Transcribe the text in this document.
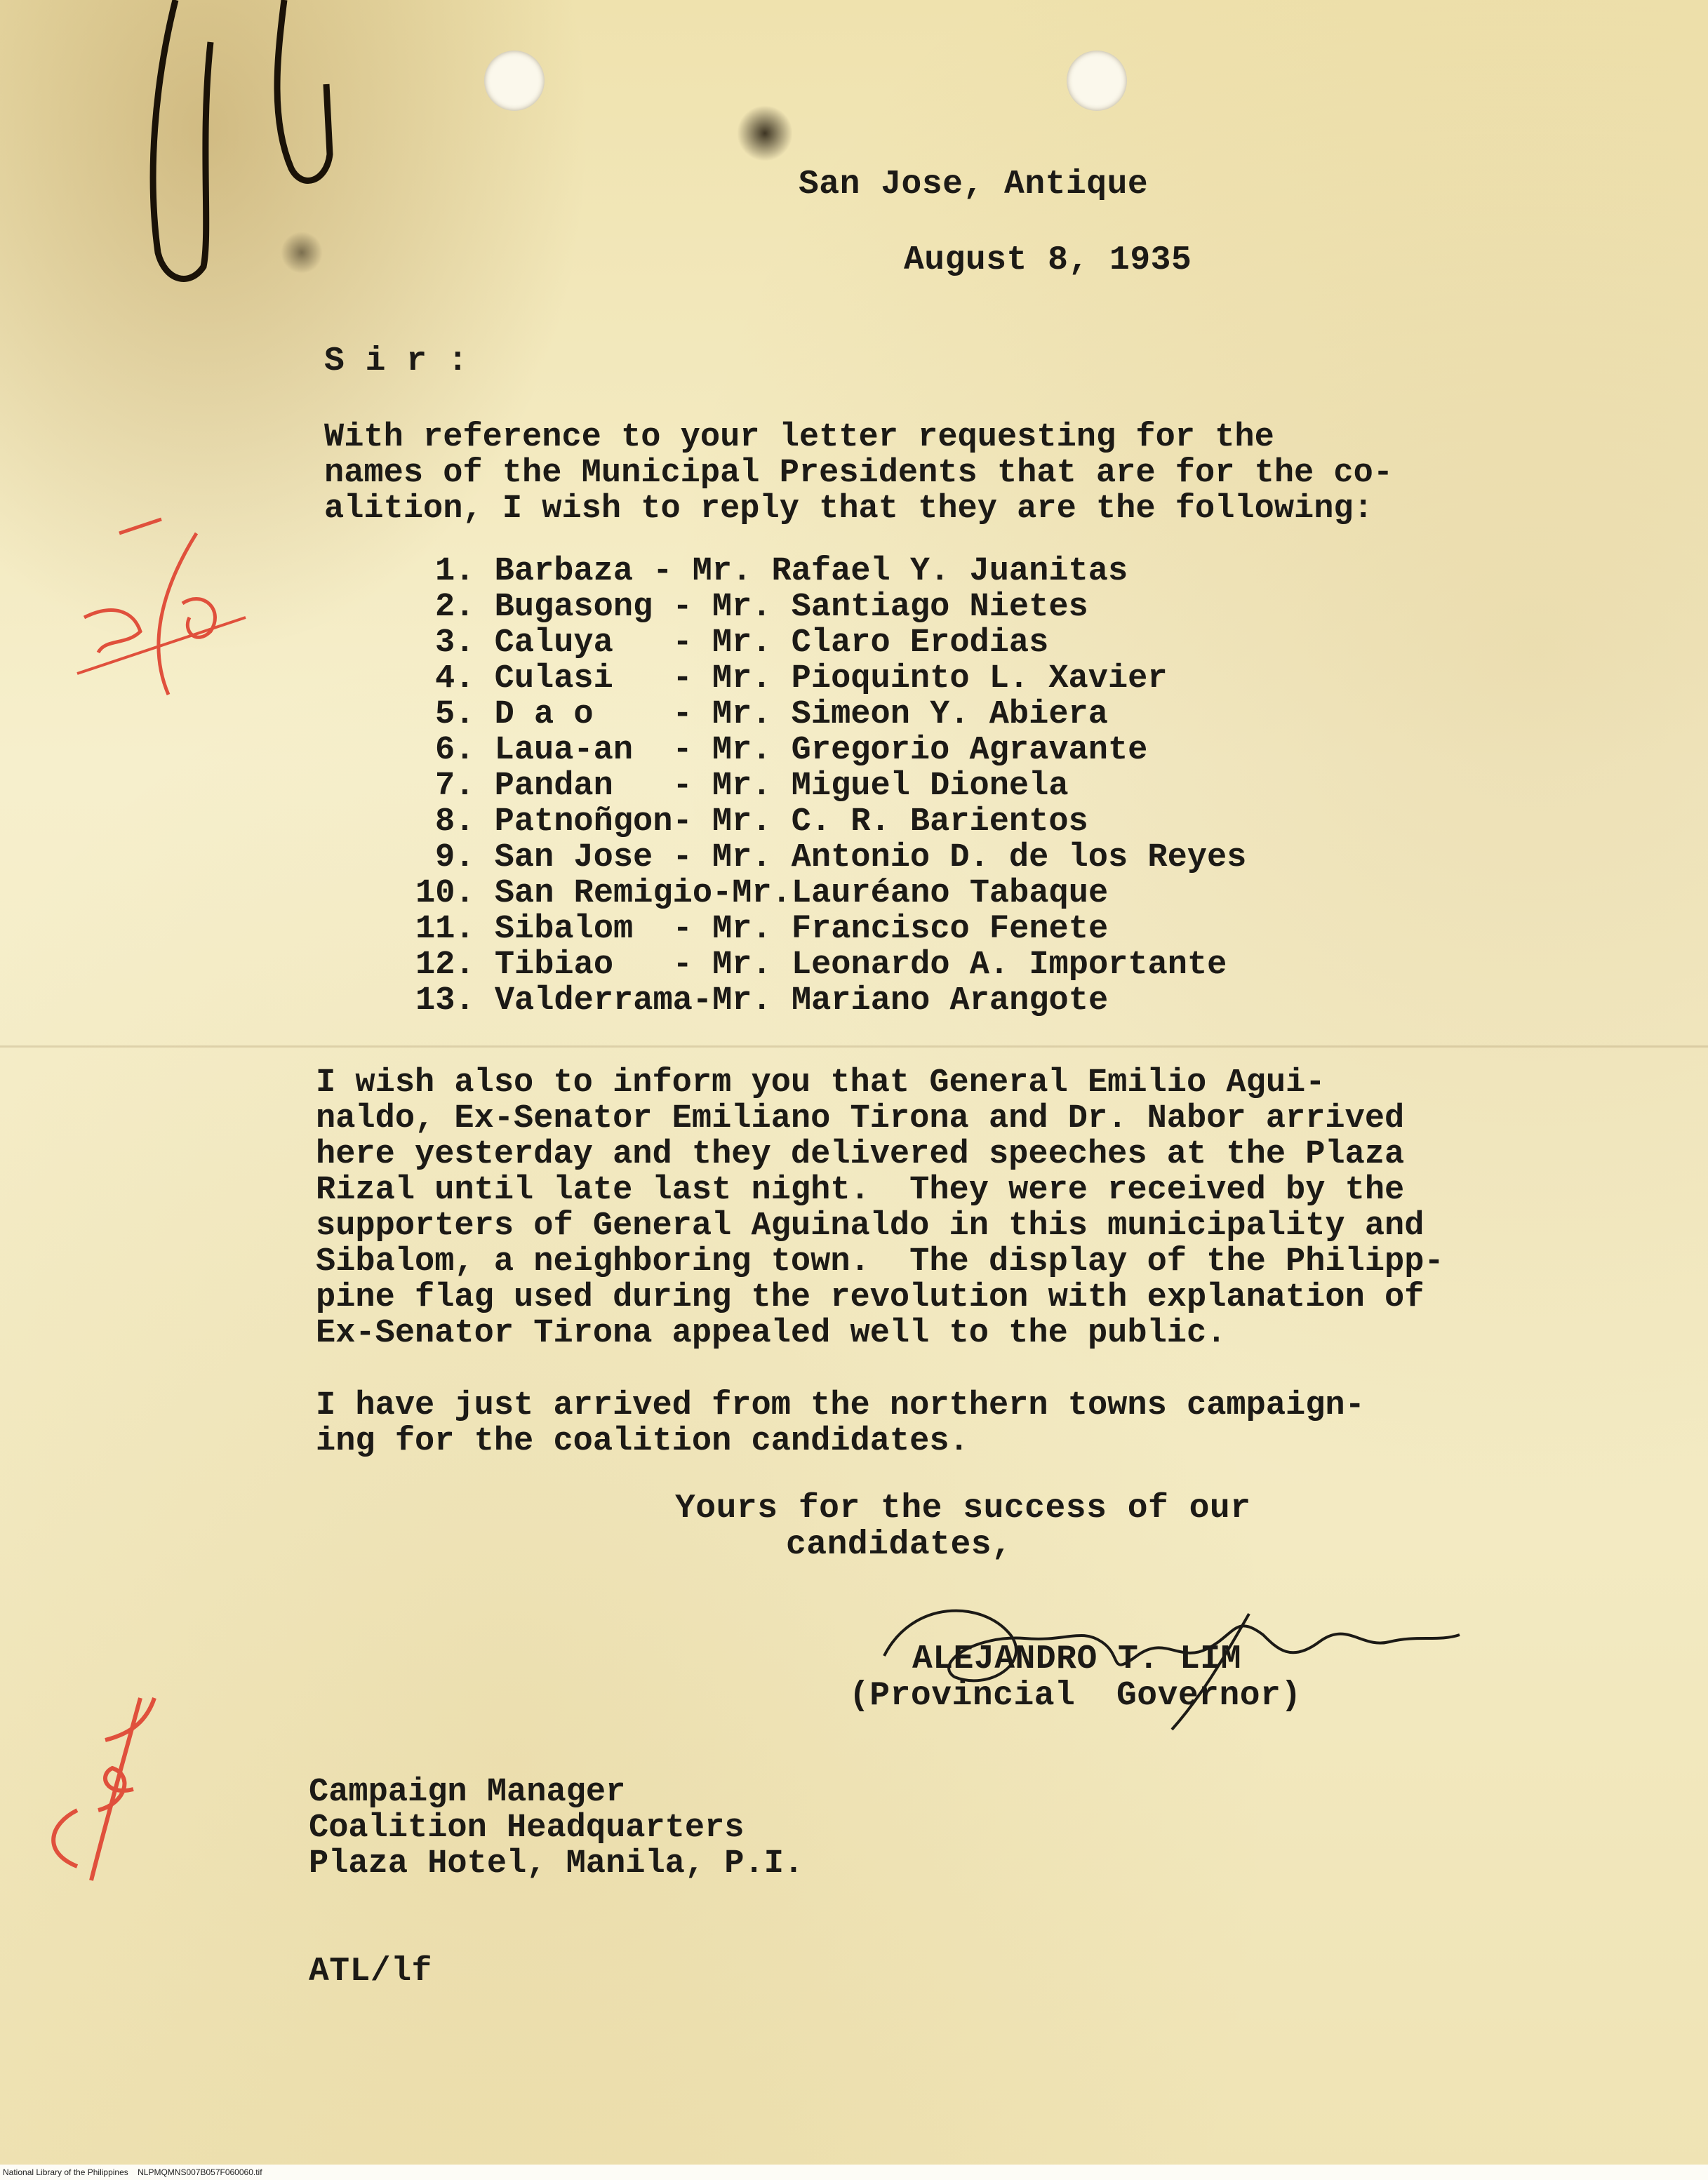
San Jose, Antique
August 8, 1935
S i r :
With reference to your letter requesting for the
names of the Municipal Presidents that are for the co-
alition, I wish to reply that they are the following:
1. Barbaza - Mr. Rafael Y. Juanitas
2. Bugasong - Mr. Santiago Nietes
3. Caluya   - Mr. Claro Erodias
4. Culasi   - Mr. Pioquinto L. Xavier
5. D a o    - Mr. Simeon Y. Abiera
6. Laua-an  - Mr. Gregorio Agravante
7. Pandan   - Mr. Miguel Dionela
8. Patnoñgon- Mr. C. R. Barientos
9. San Jose - Mr. Antonio D. de los Reyes
10. San Remigio-Mr.Lauréano Tabaque
11. Sibalom  - Mr. Francisco Fenete
12. Tibiao   - Mr. Leonardo A. Importante
13. Valderrama-Mr. Mariano Arangote
I wish also to inform you that General Emilio Agui-
naldo, Ex-Senator Emiliano Tirona and Dr. Nabor arrived
here yesterday and they delivered speeches at the Plaza
Rizal until late last night.  They were received by the
supporters of General Aguinaldo in this municipality and
Sibalom, a neighboring town.  The display of the Philipp-
pine flag used during the revolution with explanation of
Ex-Senator Tirona appealed well to the public.
I have just arrived from the northern towns campaign-
ing for the coalition candidates.
Yours for the success of our
candidates,
ALEJANDRO T. LIM
(Provincial  Governor)
Campaign Manager
Coalition Headquarters
Plaza Hotel, Manila, P.I.
ATL/lf
National Library of the Philippines    NLPMQMNS007B057F060060.tif
